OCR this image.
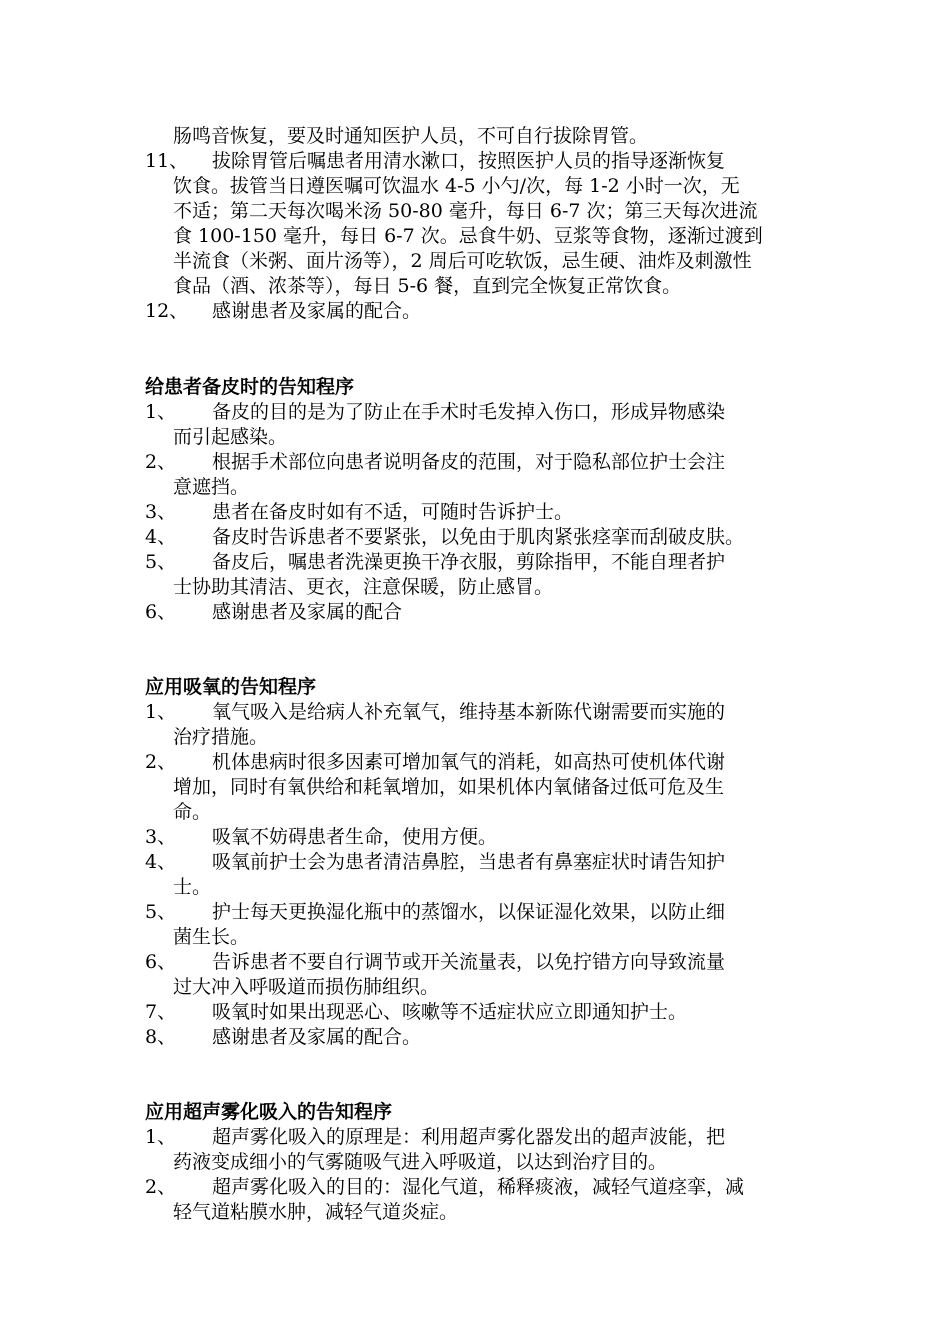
肠鸣音恢复，要及时通知医护人员，不可自行拔除胃管。
11、 拔除胃管后嘱患者用清水漱口，按照医护人员的指导逐渐恢复
饮食。拔管当日遵医嘱可饮温水 4-5 小勺/次，每 1-2 小时一次，无
不适；第二天每次喝米汤 50-80 毫升，每日 6-7 次；第三天每次进流
食 100-150 毫升，每日 6-7 次。忌食牛奶、豆浆等食物，逐渐过渡到
半流食（米粥、面片汤等），2 周后可吃软饭，忌生硬、油炸及刺激性
食品（酒、浓茶等），每日 5-6 餐，直到完全恢复正常饮食。
12、 感谢患者及家属的配合。
给患者备皮时的告知程序
1、 备皮的目的是为了防止在手术时毛发掉入伤口，形成异物感染
而引起感染。
2、 根据手术部位向患者说明备皮的范围，对于隐私部位护士会注
意遮挡。
3、 患者在备皮时如有不适，可随时告诉护士。
4、 备皮时告诉患者不要紧张，以免由于肌肉紧张痉挛而刮破皮肤。
5、 备皮后，嘱患者洗澡更换干净衣服，剪除指甲，不能自理者护
士协助其清洁、更衣，注意保暖，防止感冒。
6、 感谢患者及家属的配合
应用吸氧的告知程序
1、 氧气吸入是给病人补充氧气，维持基本新陈代谢需要而实施的
治疗措施。
2、 机体患病时很多因素可增加氧气的消耗，如高热可使机体代谢
增加，同时有氧供给和耗氧增加，如果机体内氧储备过低可危及生
命。
3、 吸氧不妨碍患者生命，使用方便。
4、 吸氧前护士会为患者清洁鼻腔，当患者有鼻塞症状时请告知护
士。
5、 护士每天更换湿化瓶中的蒸馏水，以保证湿化效果，以防止细
菌生长。
6、 告诉患者不要自行调节或开关流量表，以免拧错方向导致流量
过大冲入呼吸道而损伤肺组织。
7、 吸氧时如果出现恶心、咳嗽等不适症状应立即通知护士。
8、 感谢患者及家属的配合。
应用超声雾化吸入的告知程序
1、 超声雾化吸入的原理是：利用超声雾化器发出的超声波能，把
药液变成细小的气雾随吸气进入呼吸道，以达到治疗目的。
2、 超声雾化吸入的目的：湿化气道，稀释痰液，减轻气道痉挛，减
轻气道粘膜水肿，减轻气道炎症。
